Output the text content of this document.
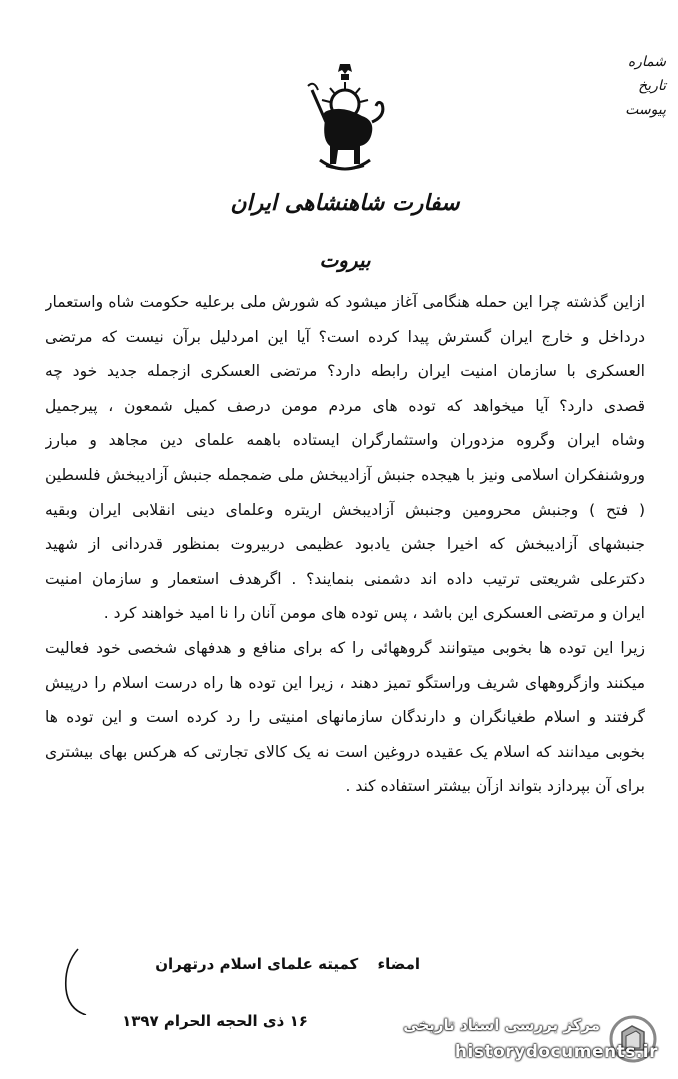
شماره
تاریخ
پیوست
سفارت شاهنشاهی ایران
بیروت
ازاین گذشته چرا این حمله هنگامی آغاز میشود که شورش ملی برعلیه حکومت شاه واستعمار
درداخل و خارج ایران گسترش پیدا کرده است؟ آیا این امردلیل برآن نیست که مرتضی
العسکری با سازمان امنیت ایران رابطه دارد؟ مرتضی العسکری ازجمله جدید خود چه
قصدی دارد؟ آیا میخواهد که توده های مردم مومن درصف کمیل شمعون ، پیرجمیل
وشاه ایران وگروه مزدوران واستثمارگران ایستاده باهمه علمای دین مجاهد و مبارز
وروشنفکران اسلامی ونیز با هیجده جنبش آزادیبخش ملی ضمجمله جنبش آزادیبخش فلسطین
( فتح ) وجنبش محرومین وجنبش آزادیبخش اریتره وعلمای دینی انقلابی ایران وبقیه
جنبشهای آزادیبخش که اخیرا جشن یادبود عظیمی دربیروت بمنظور قدردانی از شهید
دکترعلی شریعتی ترتیب داده اند دشمنی بنمایند؟ . اگرهدف استعمار و سازمان امنیت
ایران و مرتضی العسکری این باشد ، پس توده های مومن آنان را نا امید خواهند کرد .
زیرا این توده ها بخوبی میتوانند گروههائی را که برای منافع و هدفهای شخصی خود فعالیت
میکنند وازگروههای شریف وراستگو تمیز دهند ، زیرا این توده ها راه درست اسلام را درپیش
گرفتند و اسلام طغیانگران و دارندگان سازمانهای امنیتی را رد کرده است و این توده ها
بخوبی میدانند که اسلام یک عقیده دروغین است نه یک کالای تجارتی که هرکس بهای بیشتری
برای آن بپردازد بتواند ازآن بیشتر استفاده کند .
امضاء کمیته علمای اسلام درتهران
۱۶ ذی الحجه الحرام ۱۳۹۷	مرکز بررسی اسناد تاریخی
historydocuments.ir
